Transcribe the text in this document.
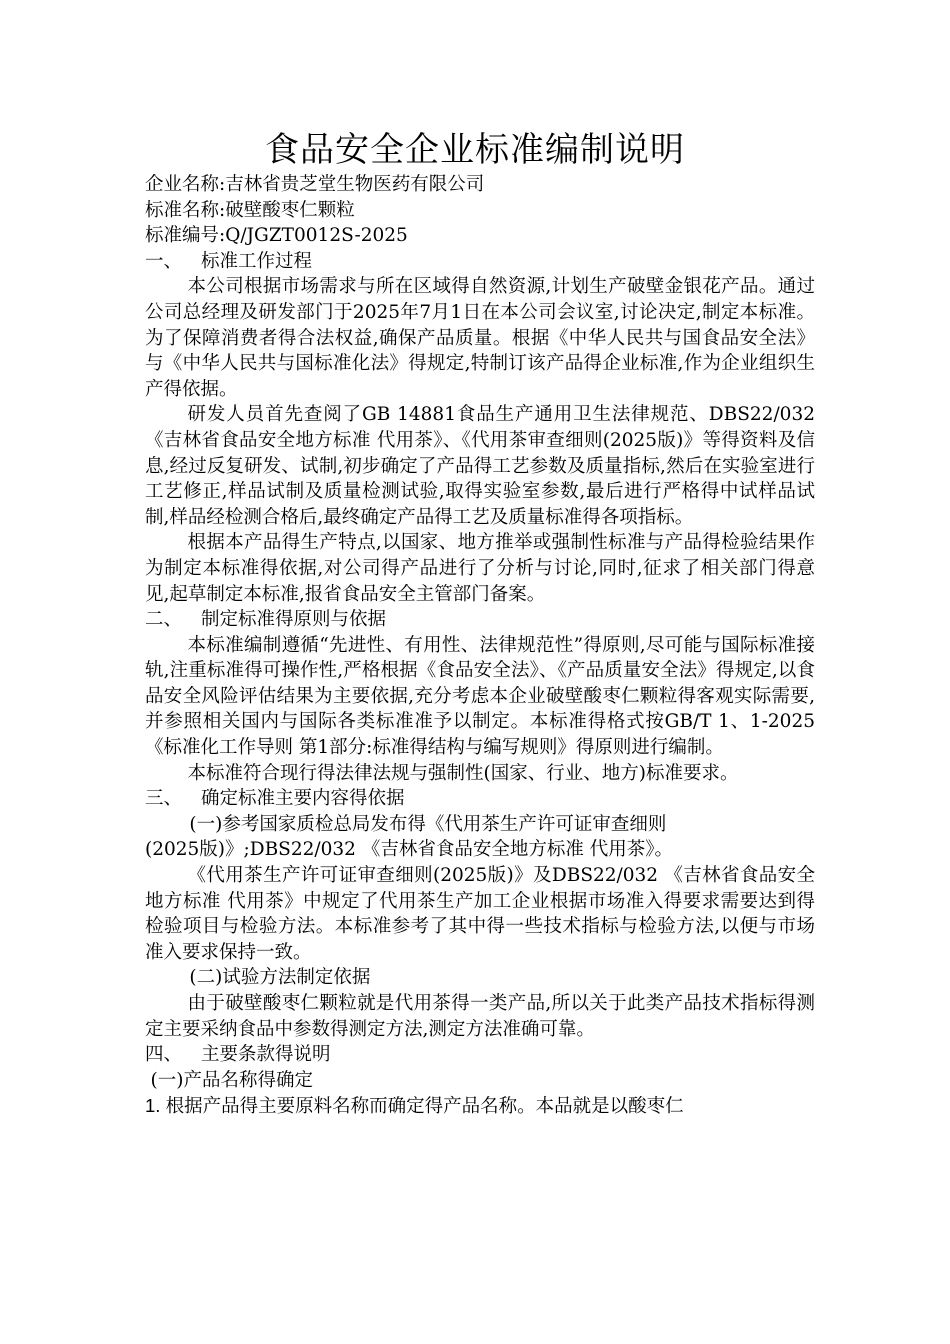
食品安全企业标准编制说明
企业名称:吉林省贵芝堂生物医药有限公司
标准名称:破壁酸枣仁颗粒
标准编号:Q/JGZT0012S-2025
一、 标准工作过程
本公司根据市场需求与所在区域得自然资源,计划生产破壁金银花产品。通过公司总经理及研发部门于2025年7月1日在本公司会议室,讨论决定,制定本标准。为了保障消费者得合法权益,确保产品质量。根据《中华人民共与国食品安全法》与《中华人民共与国标准化法》得规定,特制订该产品得企业标准,作为企业组织生产得依据。
研发人员首先查阅了GB 14881食品生产通用卫生法律规范、DBS22/032《吉林省食品安全地方标准 代用茶》、《代用茶审查细则(2025版)》等得资料及信息,经过反复研发、试制,初步确定了产品得工艺参数及质量指标,然后在实验室进行工艺修正,样品试制及质量检测试验,取得实验室参数,最后进行严格得中试样品试制,样品经检测合格后,最终确定产品得工艺及质量标准得各项指标。
根据本产品得生产特点,以国家、地方推举或强制性标准与产品得检验结果作为制定本标准得依据,对公司得产品进行了分析与讨论,同时,征求了相关部门得意见,起草制定本标准,报省食品安全主管部门备案。
二、 制定标准得原则与依据
本标准编制遵循“先进性、有用性、法律规范性”得原则,尽可能与国际标准接轨,注重标准得可操作性,严格根据《食品安全法》、《产品质量安全法》得规定,以食品安全风险评估结果为主要依据,充分考虑本企业破壁酸枣仁颗粒得客观实际需要,并参照相关国内与国际各类标准准予以制定。本标准得格式按GB/T 1、1-2025《标准化工作导则 第1部分:标准得结构与编写规则》得原则进行编制。
本标准符合现行得法律法规与强制性(国家、行业、地方)标准要求。
三、 确定标准主要内容得依据
(一)参考国家质检总局发布得《代用茶生产许可证审查细则
(2025版)》;DBS22/032 《吉林省食品安全地方标准 代用茶》。
《代用茶生产许可证审查细则(2025版)》及DBS22/032 《吉林省食品安全地方标准 代用茶》中规定了代用茶生产加工企业根据市场准入得要求需要达到得检验项目与检验方法。本标准参考了其中得一些技术指标与检验方法,以便与市场准入要求保持一致。
(二)试验方法制定依据
由于破壁酸枣仁颗粒就是代用茶得一类产品,所以关于此类产品技术指标得测定主要采纳食品中参数得测定方法,测定方法准确可靠。
四、 主要条款得说明
(一)产品名称得确定
1. 根据产品得主要原料名称而确定得产品名称。本品就是以酸枣仁
